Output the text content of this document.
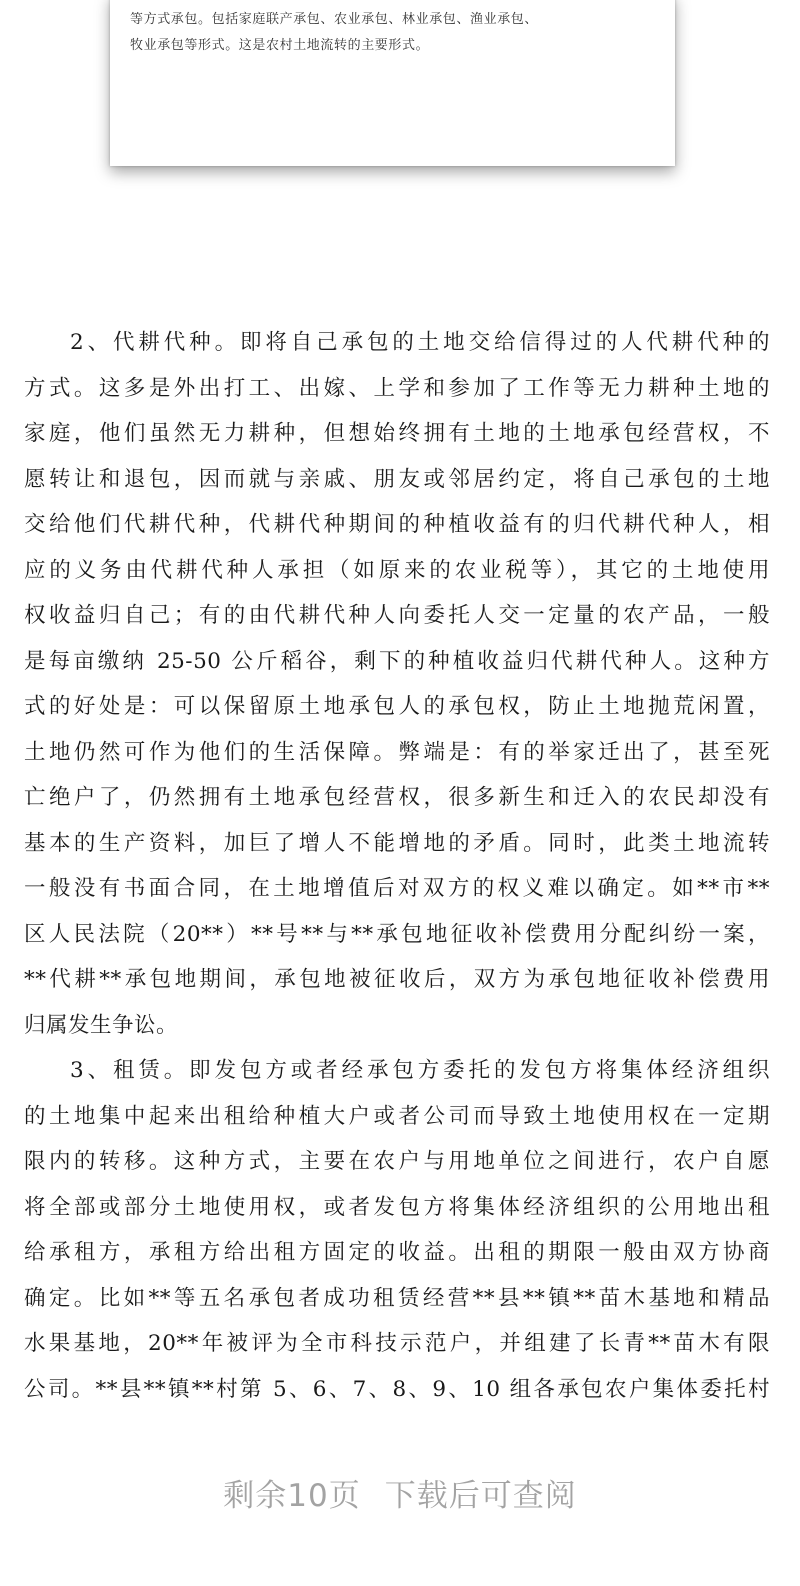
等方式承包。包括家庭联产承包、农业承包、林业承包、渔业承包、
牧业承包等形式。这是农村土地流转的主要形式。
2、代耕代种。即将自己承包的土地交给信得过的人代耕代种的
方式。这多是外出打工、出嫁、上学和参加了工作等无力耕种土地的
家庭，他们虽然无力耕种，但想始终拥有土地的土地承包经营权，不
愿转让和退包，因而就与亲戚、朋友或邻居约定，将自己承包的土地
交给他们代耕代种，代耕代种期间的种植收益有的归代耕代种人，相
应的义务由代耕代种人承担（如原来的农业税等），其它的土地使用
权收益归自己；有的由代耕代种人向委托人交一定量的农产品，一般
是每亩缴纳 25-50 公斤稻谷，剩下的种植收益归代耕代种人。这种方
式的好处是：可以保留原土地承包人的承包权，防止土地抛荒闲置，
土地仍然可作为他们的生活保障。弊端是：有的举家迁出了，甚至死
亡绝户了，仍然拥有土地承包经营权，很多新生和迁入的农民却没有
基本的生产资料，加巨了增人不能增地的矛盾。同时，此类土地流转
一般没有书面合同，在土地增值后对双方的权义难以确定。如**市**
区人民法院（20**）**号**与**承包地征收补偿费用分配纠纷一案，
**代耕**承包地期间，承包地被征收后，双方为承包地征收补偿费用
归属发生争讼。
3、租赁。即发包方或者经承包方委托的发包方将集体经济组织
的土地集中起来出租给种植大户或者公司而导致土地使用权在一定期
限内的转移。这种方式，主要在农户与用地单位之间进行，农户自愿
将全部或部分土地使用权，或者发包方将集体经济组织的公用地出租
给承租方，承租方给出租方固定的收益。出租的期限一般由双方协商
确定。比如**等五名承包者成功租赁经营**县**镇**苗木基地和精品
水果基地，20**年被评为全市科技示范户，并组建了长青**苗木有限
公司。**县**镇**村第 5、6、7、8、9、10 组各承包农户集体委托村
剩余10页 下载后可查阅
